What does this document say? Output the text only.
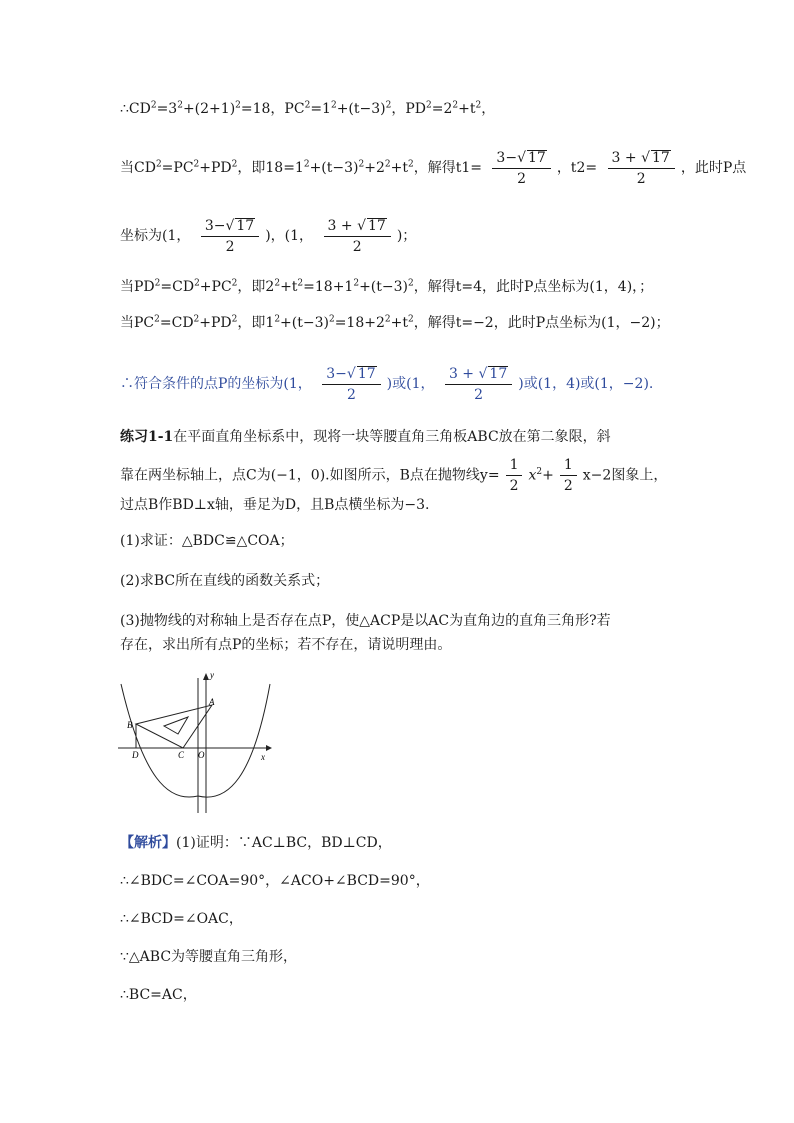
$\therefore CD^2=3^2+(2+1)^2=18$，$PC^2=1^2+(t-3)^2$，$PD^2=2^2+t^2$，
当$CD^2=PC^2+PD^2$，即$18=1^2+(t-3)^2+2^2+t^2$，解得$t1= \frac{3-√ 17}{2}$ ，$t2= \frac{3 + √ 17}{2}$ ，此时P点
坐标为(1， $\frac{3-√ 17}{2}$ )，(1， $\frac{3 + √ 17}{2}$ )；
当$PD^2=CD^2+PC^2$，即$2^2+t^2=18+1^2+(t-3)^2$，解得t=4，此时P点坐标为(1，4)，；
当$PC^2=CD^2+PD^2$，即$1^2+(t-3)^2=18+2^2+t^2$，解得t=−2，此时P点坐标为(1，−2)；
∴符合条件的点P的坐标为(1， $\frac{3-√ 17}{2}$ )或(1， $\frac{3 + √ 17}{2}$ )或(1，4)或(1，−2).
练习1-1在平面直角坐标系中，现将一块等腰直角三角板ABC放在第二象限，斜
靠在两坐标轴上，点C为(−1，0).如图所示，B点在抛物线$y= \frac{1}{2} x^2+ \frac{1}{2} x-2$图象上，
过点B作BD⊥x轴，垂足为D，且B点横坐标为−3.
(1)求证：△BDC≌△COA；
(2)求BC所在直线的函数关系式；
(3)抛物线的对称轴上是否存在点P，使△ACP是以AC为直角边的直角三角形?若
存在，求出所有点P的坐标；若不存在，请说明理由。
y
x
A
B
C
D	O
【解析】(1)证明：∵AC⊥BC，BD⊥CD，
∴∠BDC=∠COA=90°，∠ACO+∠BCD=90°，
∴∠BCD=∠OAC，
∵△ABC为等腰直角三角形，
∴BC=AC，
